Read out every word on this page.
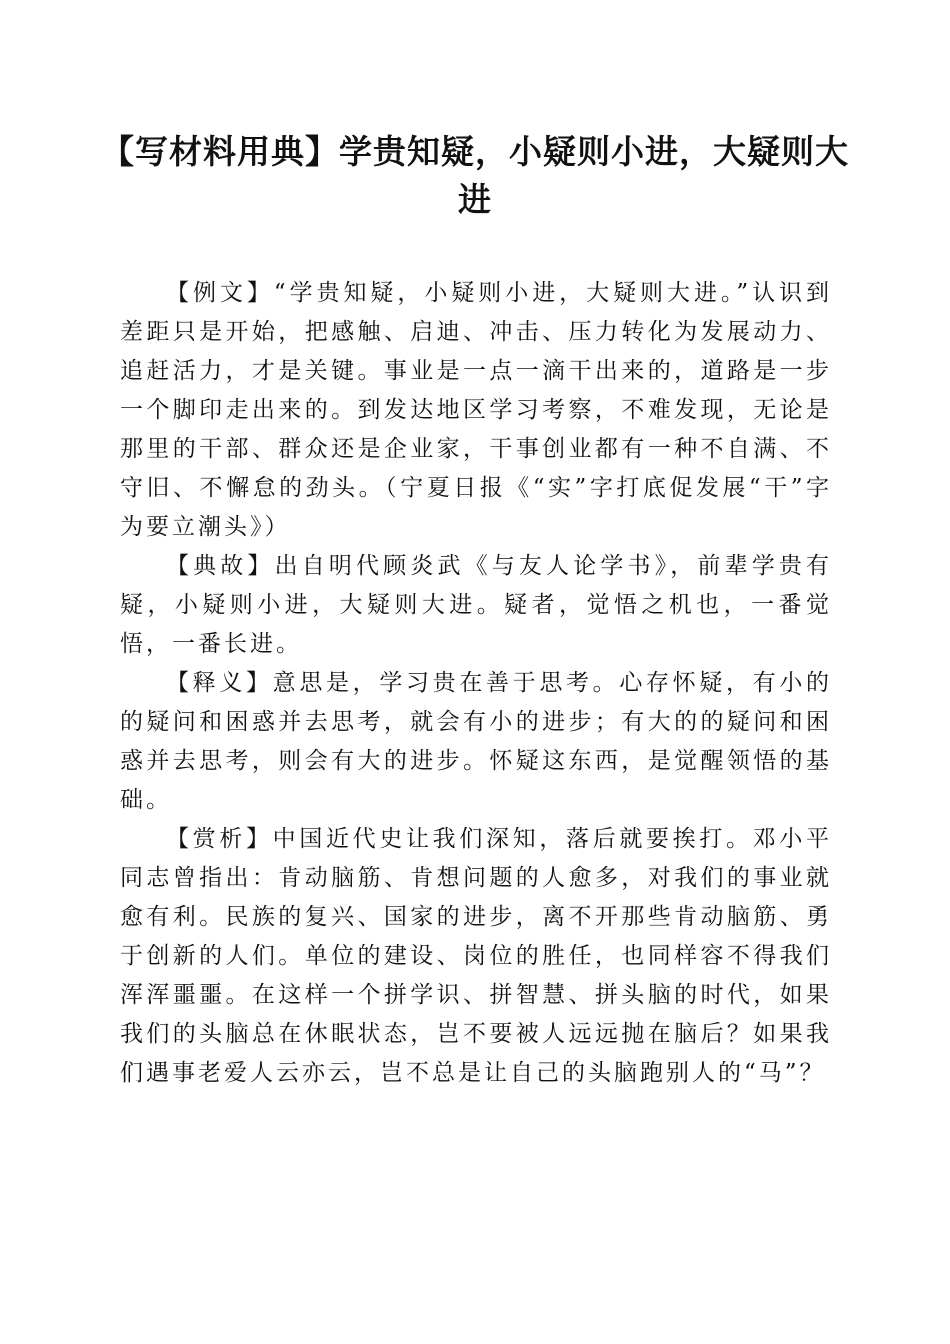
【写材料用典】学贵知疑，小疑则小进，大疑则大进

【例文】“学贵知疑，小疑则小进，大疑则大进。”认识到差距只是开始，把感触、启迪、冲击、压力转化为发展动力、追赶活力，才是关键。事业是一点一滴干出来的，道路是一步一个脚印走出来的。到发达地区学习考察，不难发现，无论是那里的干部、群众还是企业家，干事创业都有一种不自满、不守旧、不懈怠的劲头。（宁夏日报《“实”字打底促发展“干”字为要立潮头》）

【典故】出自明代顾炎武《与友人论学书》，前辈学贵有疑，小疑则小进，大疑则大进。疑者，觉悟之机也，一番觉悟，一番长进。

【释义】意思是，学习贵在善于思考。心存怀疑，有小的的疑问和困惑并去思考，就会有小的进步；有大的的疑问和困惑并去思考，则会有大的进步。怀疑这东西，是觉醒领悟的基础。

【赏析】中国近代史让我们深知，落后就要挨打。邓小平同志曾指出：肯动脑筋、肯想问题的人愈多，对我们的事业就愈有利。民族的复兴、国家的进步，离不开那些肯动脑筋、勇于创新的人们。单位的建设、岗位的胜任，也同样容不得我们浑浑噩噩。在这样一个拼学识、拼智慧、拼头脑的时代，如果我们的头脑总在休眠状态，岂不要被人远远抛在脑后？如果我们遇事老爱人云亦云，岂不总是让自己的头脑跑别人的“马”？
